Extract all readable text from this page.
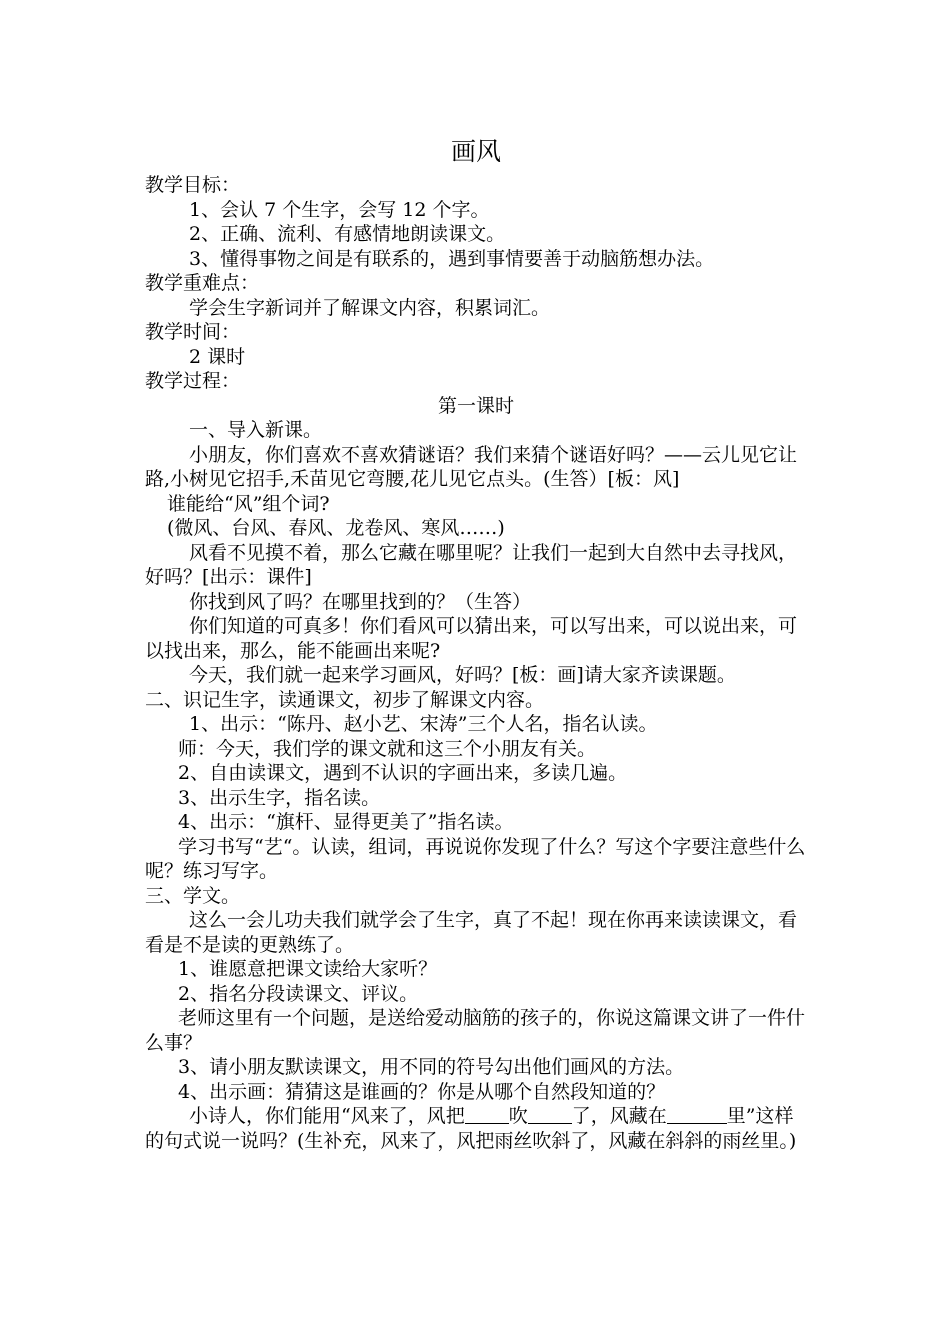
画风

教学目标：

1、会认 7 个生字，会写 12 个字。

2、正确、流利、有感情地朗读课文。

3、懂得事物之间是有联系的，遇到事情要善于动脑筋想办法。

教学重难点：

学会生字新词并了解课文内容，积累词汇。

教学时间：

2 课时

教学过程：

第一课时

一、导入新课。

小朋友，你们喜欢不喜欢猜谜语？我们来猜个谜语好吗？——云儿见它让路,小树见它招手,禾苗见它弯腰,花儿见它点头。(生答）[板：风]

谁能给“风”组个词?

(微风、台风、春风、龙卷风、寒风……)

风看不见摸不着，那么它藏在哪里呢？让我们一起到大自然中去寻找风，好吗？[出示：课件]

你找到风了吗？在哪里找到的？（生答）

你们知道的可真多！你们看风可以猜出来，可以写出来，可以说出来，可以找出来，那么，能不能画出来呢?

今天，我们就一起来学习画风，好吗？[板：画]请大家齐读课题。

二、识记生字，读通课文，初步了解课文内容。

1、出示：“陈丹、赵小艺、宋涛”三个人名，指名认读。

师：今天，我们学的课文就和这三个小朋友有关。

2、自由读课文，遇到不认识的字画出来，多读几遍。

3、出示生字，指名读。

4、出示：“旗杆、显得更美了”指名读。

学习书写“艺“。认读，组词，再说说你发现了什么？写这个字要注意些什么呢？练习写字。

三、学文。

这么一会儿功夫我们就学会了生字，真了不起！现在你再来读读课文，看看是不是读的更熟练了。

1、谁愿意把课文读给大家听？

2、指名分段读课文、评议。

老师这里有一个问题，是送给爱动脑筋的孩子的，你说这篇课文讲了一件什么事？

3、请小朋友默读课文，用不同的符号勾出他们画风的方法。

4、出示画：猜猜这是谁画的？你是从哪个自然段知道的？

小诗人，你们能用“风来了，风把 吹 了，风藏在	里”这样的句式说一说吗？(生补充，风来了，风把雨丝吹斜了，风藏在斜斜的雨丝里。)
